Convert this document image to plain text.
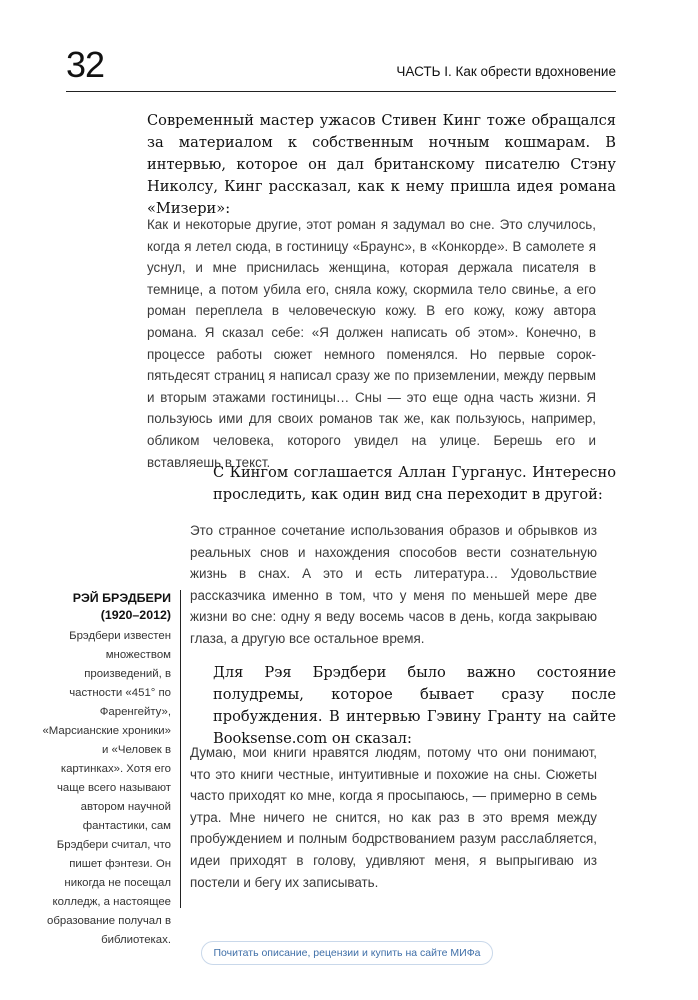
32	ЧАСТЬ I. Как обрести вдохновение

Современный мастер ужасов Стивен Кинг тоже обращался за материалом к собственным ночным кошмарам. В интервью, которое он дал британскому писателю Стэну Николсу, Кинг рассказал, как к нему пришла идея романа «Мизери»:

Как и некоторые другие, этот роман я задумал во сне. Это случилось, когда я летел сюда, в гостиницу «Браунс», в «Конкорде». В самолете я уснул, и мне приснилась женщина, которая держала писателя в темнице, а потом убила его, сняла кожу, скормила тело свинье, а его роман переплела в человеческую кожу. В его кожу, кожу автора романа. Я сказал себе: «Я должен написать об этом». Конечно, в процессе работы сюжет немного поменялся. Но первые сорок-пятьдесят страниц я написал сразу же по приземлении, между первым и вторым этажами гостиницы… Сны — это еще одна часть жизни. Я пользуюсь ими для своих романов так же, как пользуюсь, например, обликом человека, которого увидел на улице. Берешь его и вставляешь в текст.

С Кингом соглашается Аллан Гурганус. Интересно проследить, как один вид сна переходит в другой:

Это странное сочетание использования образов и обрывков из реальных снов и нахождения способов вести сознательную жизнь в снах. А это и есть литература… Удовольствие рассказчика именно в том, что у меня по меньшей мере две жизни во сне: одну я веду восемь часов в день, когда закрываю глаза, а другую все остальное время.

Для Рэя Брэдбери было важно состояние полудремы, которое бывает сразу после пробуждения. В интервью Гэвину Гранту на сайте Booksense.com он сказал:

Думаю, мои книги нравятся людям, потому что они понимают, что это книги честные, интуитивные и похожие на сны. Сюжеты часто приходят ко мне, когда я просыпаюсь, — примерно в семь утра. Мне ничего не снится, но как раз в это время между пробуждением и полным бодрствованием разум расслабляется, идеи приходят в голову, удивляют меня, я выпрыгиваю из постели и бегу их записывать.

РЭЙ БРЭДБЕРИ

(1920–2012)

Брэдбери известен множеством произведений, в частности «451° по Фаренгейту», «Марсианские хроники» и «Человек в картинках». Хотя его чаще всего называют автором научной фантастики, сам Брэдбери считал, что пишет фэнтези. Он никогда не посещал колледж, а настоящее образование получал в библиотеках.

Почитать описание, рецензии и купить на сайте МИФа
